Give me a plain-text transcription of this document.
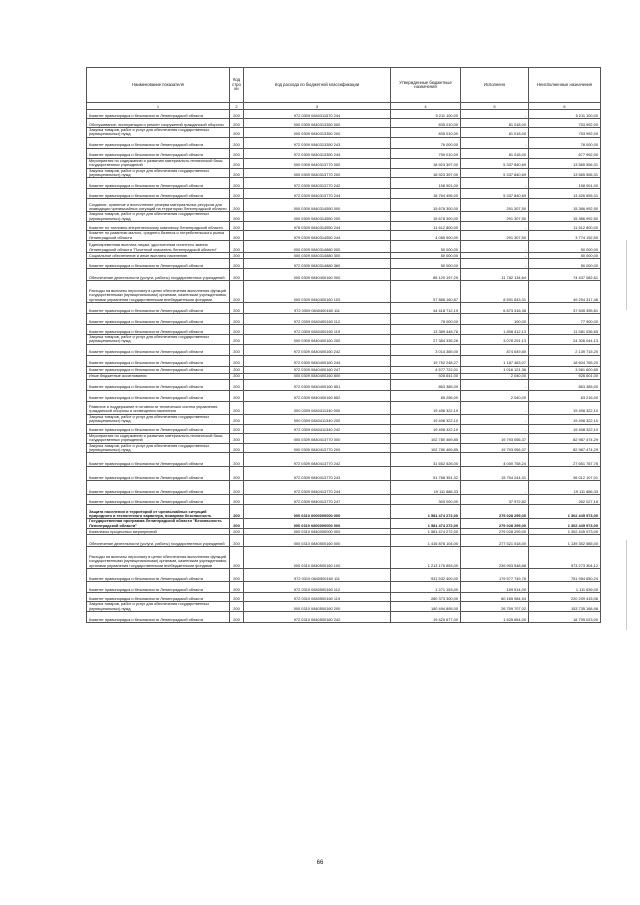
Наименование показателя	Код строки	Код расхода по бюджетной классификации	Утвержденные бюджетные назначения	Исполнено	Неисполненные назначения
1	2	3	4	5	6
Комитет правопорядка и безопасности Ленинградской области	200	972 0309 0840311570 244	5 211 100,00	-	5 211 100,00
Обслуживание, эксплуатация и ремонт сооружений гражданской обороны	200	000 0309 0840313350 000	835 010,00	81 018,00	753 992,00
Закупка товаров, работ и услуг для обеспечения государственных (муниципальных) нужд	200	000 0309 0840313350 200	835 010,00	81 018,00	753 992,00
Комитет правопорядка и безопасности Ленинградской области	200	972 0309 0840313350 243	76 000,00	-	76 000,00
Комитет правопорядка и безопасности Ленинградской области	200	972 0309 0840313350 244	759 010,00	81 018,00	677 992,00
Мероприятия по содержанию и развитию материально-технической базы государственных учреждений	200	000 0309 0840313770 000	18 923 397,00	5 337 840,69	13 585 556,31
Закупка товаров, работ и услуг для обеспечения государственных (муниципальных) нужд	200	000 0309 0840313770 200	18 923 397,00	5 337 840,69	13 585 556,31
Комитет правопорядка и безопасности Ленинградской области	200	972 0309 0840313770 242	158 901,00	-	158 901,00
Комитет правопорядка и безопасности Ленинградской области	200	972 0309 0840313770 244	18 764 496,00	5 337 840,69	13 426 655,31
Создание, хранение и восполнение резерва материальных ресурсов для ликвидации чрезвычайных ситуаций на территории Ленинградской области	200	000 0309 0840314550 000	15 678 300,00	291 307,50	15 386 992,50
Закупка товаров, работ и услуг для обеспечения государственных (муниципальных) нужд	200	000 0309 0840314550 200	15 678 300,00	291 307,50	15 386 992,50
Комитет по топливно-энергетическому комплексу Ленинградской области	200	978 0309 0840314550 244	11 612 800,00	-	11 612 800,00
Комитет по развитию малого, среднего бизнеса и потребительского рынка Ленинградской области	200	979 0309 0840314550 244	4 065 500,00	291 307,50	3 774 192,50
Единовременная выплата лицам, удостоенным почетного звания Ленинградской области "Почетный спасатель Ленинградской области"	200	000 0309 0840314880 000	50 000,00	-	50 000,00
Социальное обеспечение и иные выплаты населению	200	000 0309 0840314880 300	50 000,00	-	50 000,00
Комитет правопорядка и безопасности Ленинградской области	200	972 0309 0840314880 360	50 000,00	-	50 000,00
Обеспечение деятельности (услуги, работы) государственных учреждений	200	000 0309 0840400160 000	86 120 197,25	11 782 134,64	74 437 082,61
Расходы на выплаты персоналу в целях обеспечения выполнения функций государственными (муниципальными) органами, казенными учреждениями, органами управления государственными внебюджетными фондами	200	000 0309 0840400160 100	57 888 160,87	8 591 843,31	49 294 317,46
Комитет правопорядка и безопасности Ленинградской области	200	972 0309 0840400160 111	44 418 712,19	6 873 316,38	37 545 395,81
Комитет правопорядка и безопасности Ленинградской области	200	972 0309 0840400160 112	78 000,00	100,00	77 900,00
Комитет правопорядка и безопасности Ленинградской области	200	972 0309 0840400160 119	13 389 448,78	1 808 412,13	11 581 036,65
Закупка товаров, работ и услуг для обеспечения государственных (муниципальных) нужд	200	000 0309 0840400160 200	27 384 335,26	3 078 291,13	24 306 044,13
Комитет правопорядка и безопасности Ленинградской области	200	972 0309 0840400160 242	3 014 365,00	874 649,80	2 139 715,20
Комитет правопорядка и безопасности Ленинградской области	200	972 0309 0840400160 244	19 792 248,27	1 187 483,07	18 604 765,20
Комитет правопорядка и безопасности Ленинградской области	200	972 0309 0840400160 247	4 577 722,01	1 016 121,36	3 561 600,65
Иные бюджетные ассигнования	200	000 0309 0840400160 800	928 641,00	2 040,00	926 601,00
Комитет правопорядка и безопасности Ленинградской области	200	972 0309 0840400160 851	863 385,00	-	863 385,00
Комитет правопорядка и безопасности Ленинградской области	200	972 0309 0840400160 852	65 256,00	2 040,00	63 216,00
Развитие и поддержание в готовности технических систем управления гражданской обороны и оповещения населения	200	000 0309 0840411340 000	19 498 322,10	-	19 498 322,10
Закупка товаров, работ и услуг для обеспечения государственных (муниципальных) нужд	200	000 0309 0840411340 200	19 498 322,10	-	19 498 322,10
Комитет правопорядка и безопасности Ленинградской области	200	972 0309 0840411340 242	19 498 322,10	-	19 498 322,10
Мероприятия по содержанию и развитию материально-технической базы государственных учреждений	200	000 0309 0840413770 000	102 780 469,85	19 793 056,37	82 987 474,29
Закупка товаров, работ и услуг для обеспечения государственных (муниципальных) нужд	200	000 0309 0840413770 200	102 780 469,85	19 793 056,37	82 987 474,29
Комитет правопорядка и безопасности Ленинградской области	200	972 0309 0840413770 242	31 652 526,00	4 000 758,24	27 651 767,76
Комитет правопорядка и безопасности Ленинградской области	200	972 0309 0840413770 243	51 788 351,32	15 754 244,31	36 012 107,01
Комитет правопорядка и безопасности Ленинградской области	200	972 0309 0840413770 244	19 111 686,33	-	19 111 686,33
Комитет правопорядка и безопасности Ленинградской области	200	972 0309 0840413770 247	300 000,00	37 972,82	262 027,18
Защита населения и территорий от чрезвычайных ситуаций природного и техногенного характера, пожарная безопасность	200	000 0310 0000000000 000	1 581 474 272,00	279 028 299,00	1 302 445 973,00
Государственная программа Ленинградской области "Безопасность Ленинградской области"	200	000 0310 0800000000 000	1 581 474 272,00	279 028 299,00	1 302 445 973,00
Комплексы процессных мероприятий	200	000 0310 0840000000 000	1 581 474 272,00	279 028 299,00	1 302 445 973,00
Обеспечение деятельности (услуги, работы) государственных учреждений	200	000 0310 0840500160 000	1 416 878 104,00	277 521 518,00	1 139 352 585,00
Расходы на выплаты персоналу в целях обеспечения выполнения функций государственными (муниципальными) органами, казенными учреждениями, органами управления государственными внебюджетными фондами	200	000 0310 0840500160 100	1 213 176 853,00	239 903 548,88	973 273 304,12
Комитет правопорядка и безопасности Ленинградской области	200	972 0310 0840500160 111	931 532 400,00	179 577 749,76	751 954 650,24
Комитет правопорядка и безопасности Ленинградской области	200	972 0310 0840500160 112	1 271 153,00	159 514,00	1 111 639,00
Комитет правопорядка и безопасности Ленинградской области	200	972 0310 0840500160 119	280 373 300,00	60 165 984,94	220 209 415,06
Закупка товаров, работ и услуг для обеспечения государственных (муниципальных) нужд	200	000 0310 0840500160 200	180 494 895,00	26 759 707,02	153 735 188,98
Комитет правопорядка и безопасности Ленинградской области	200	972 0310 0840500160 242	19 420 677,00	1 625 654,00	18 795 023,00
66
